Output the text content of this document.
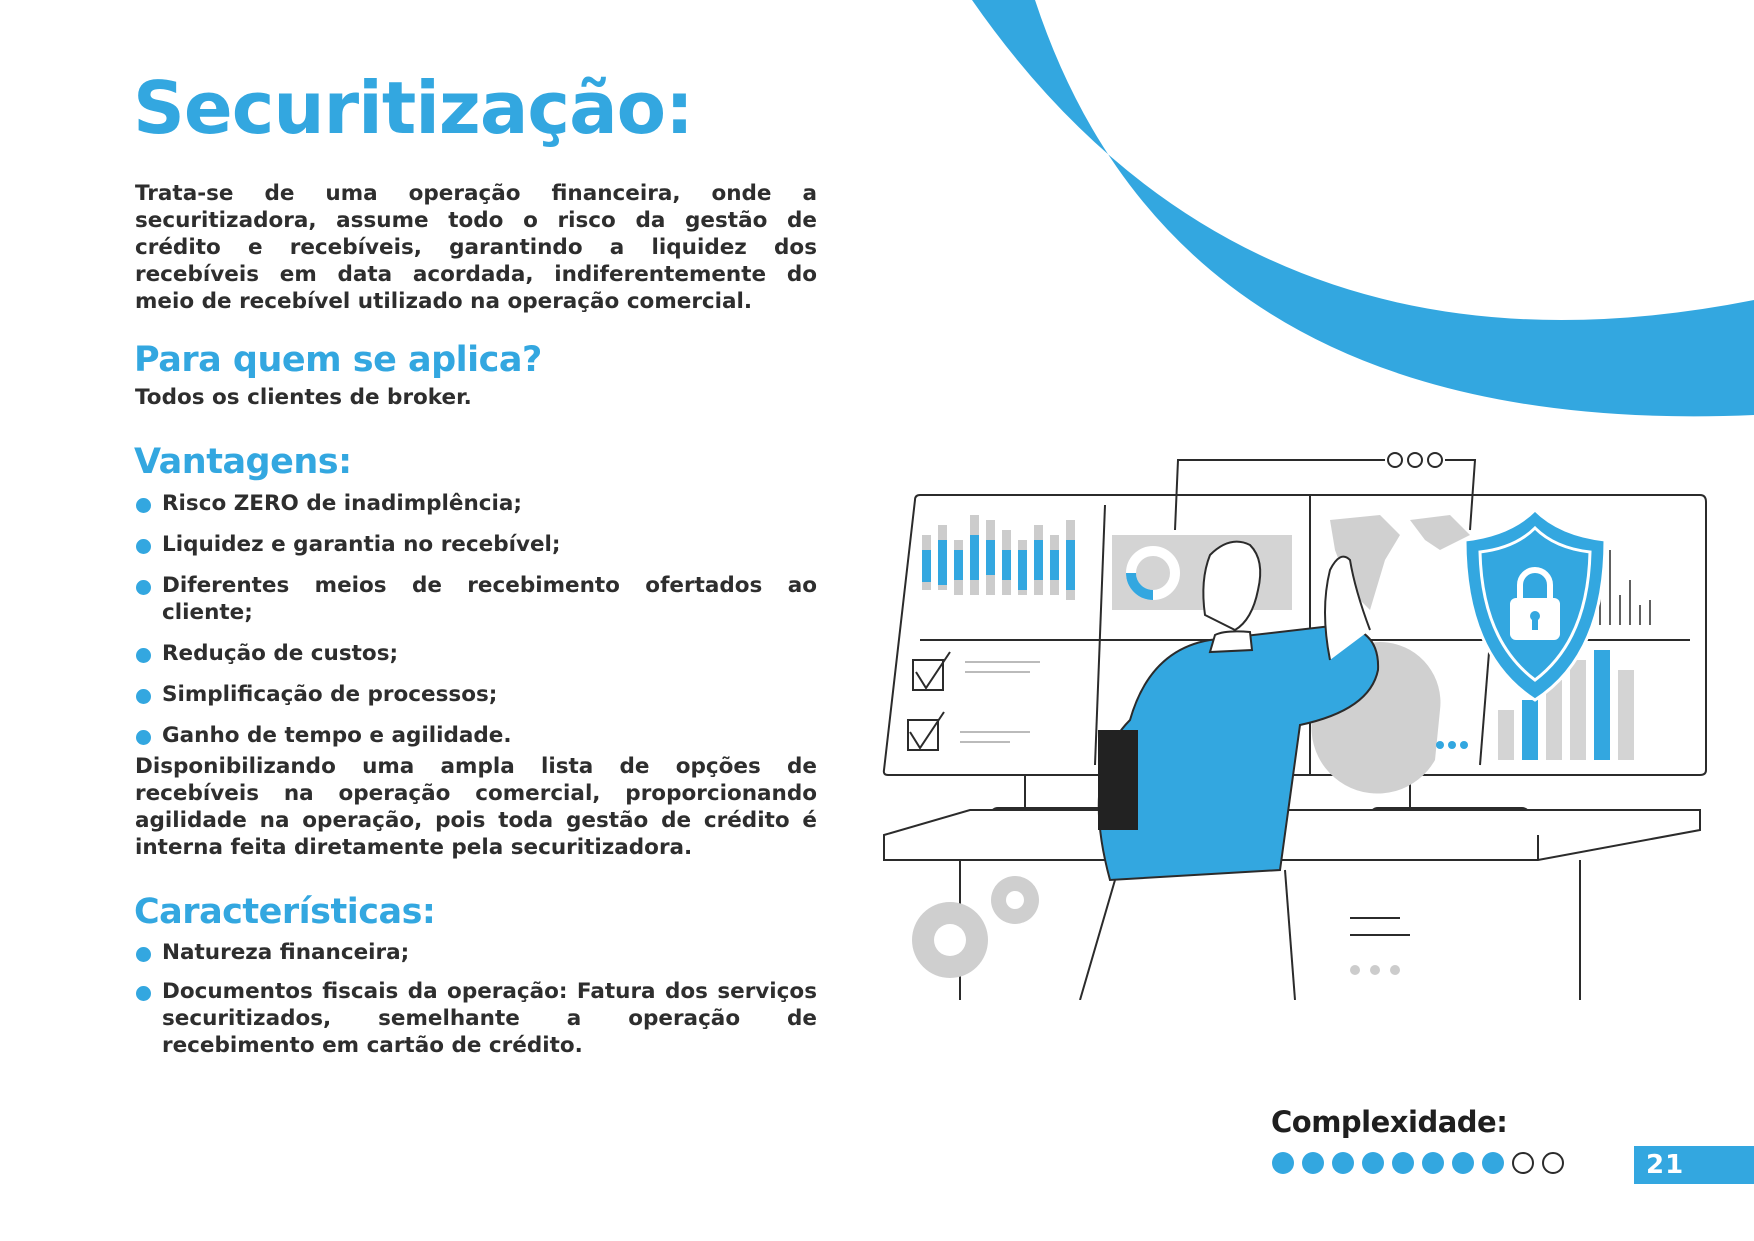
Securitização:

Trata-se de uma operação financeira, onde a securitizadora, assume todo o risco da gestão de crédito e recebíveis, garantindo a liquidez dos recebíveis em data acordada, indiferentemente do meio de recebível utilizado na operação comercial.

Para quem se aplica?

Todos os clientes de broker.

Vantagens:
Risco ZERO de inadimplência;
Liquidez e garantia no recebível;
Diferentes meios de recebimento ofertados ao cliente;
Redução de custos;
Simplificação de processos;
Ganho de tempo e agilidade.

Disponibilizando uma ampla lista de opções de recebíveis na operação comercial, proporcionando agilidade na operação, pois toda gestão de crédito é interna feita diretamente pela securitizadora.

Características:
Natureza financeira;
Documentos fiscais da operação: Fatura dos serviços securitizados, semelhante a operação de recebimento em cartão de crédito.
Complexidade:
21
